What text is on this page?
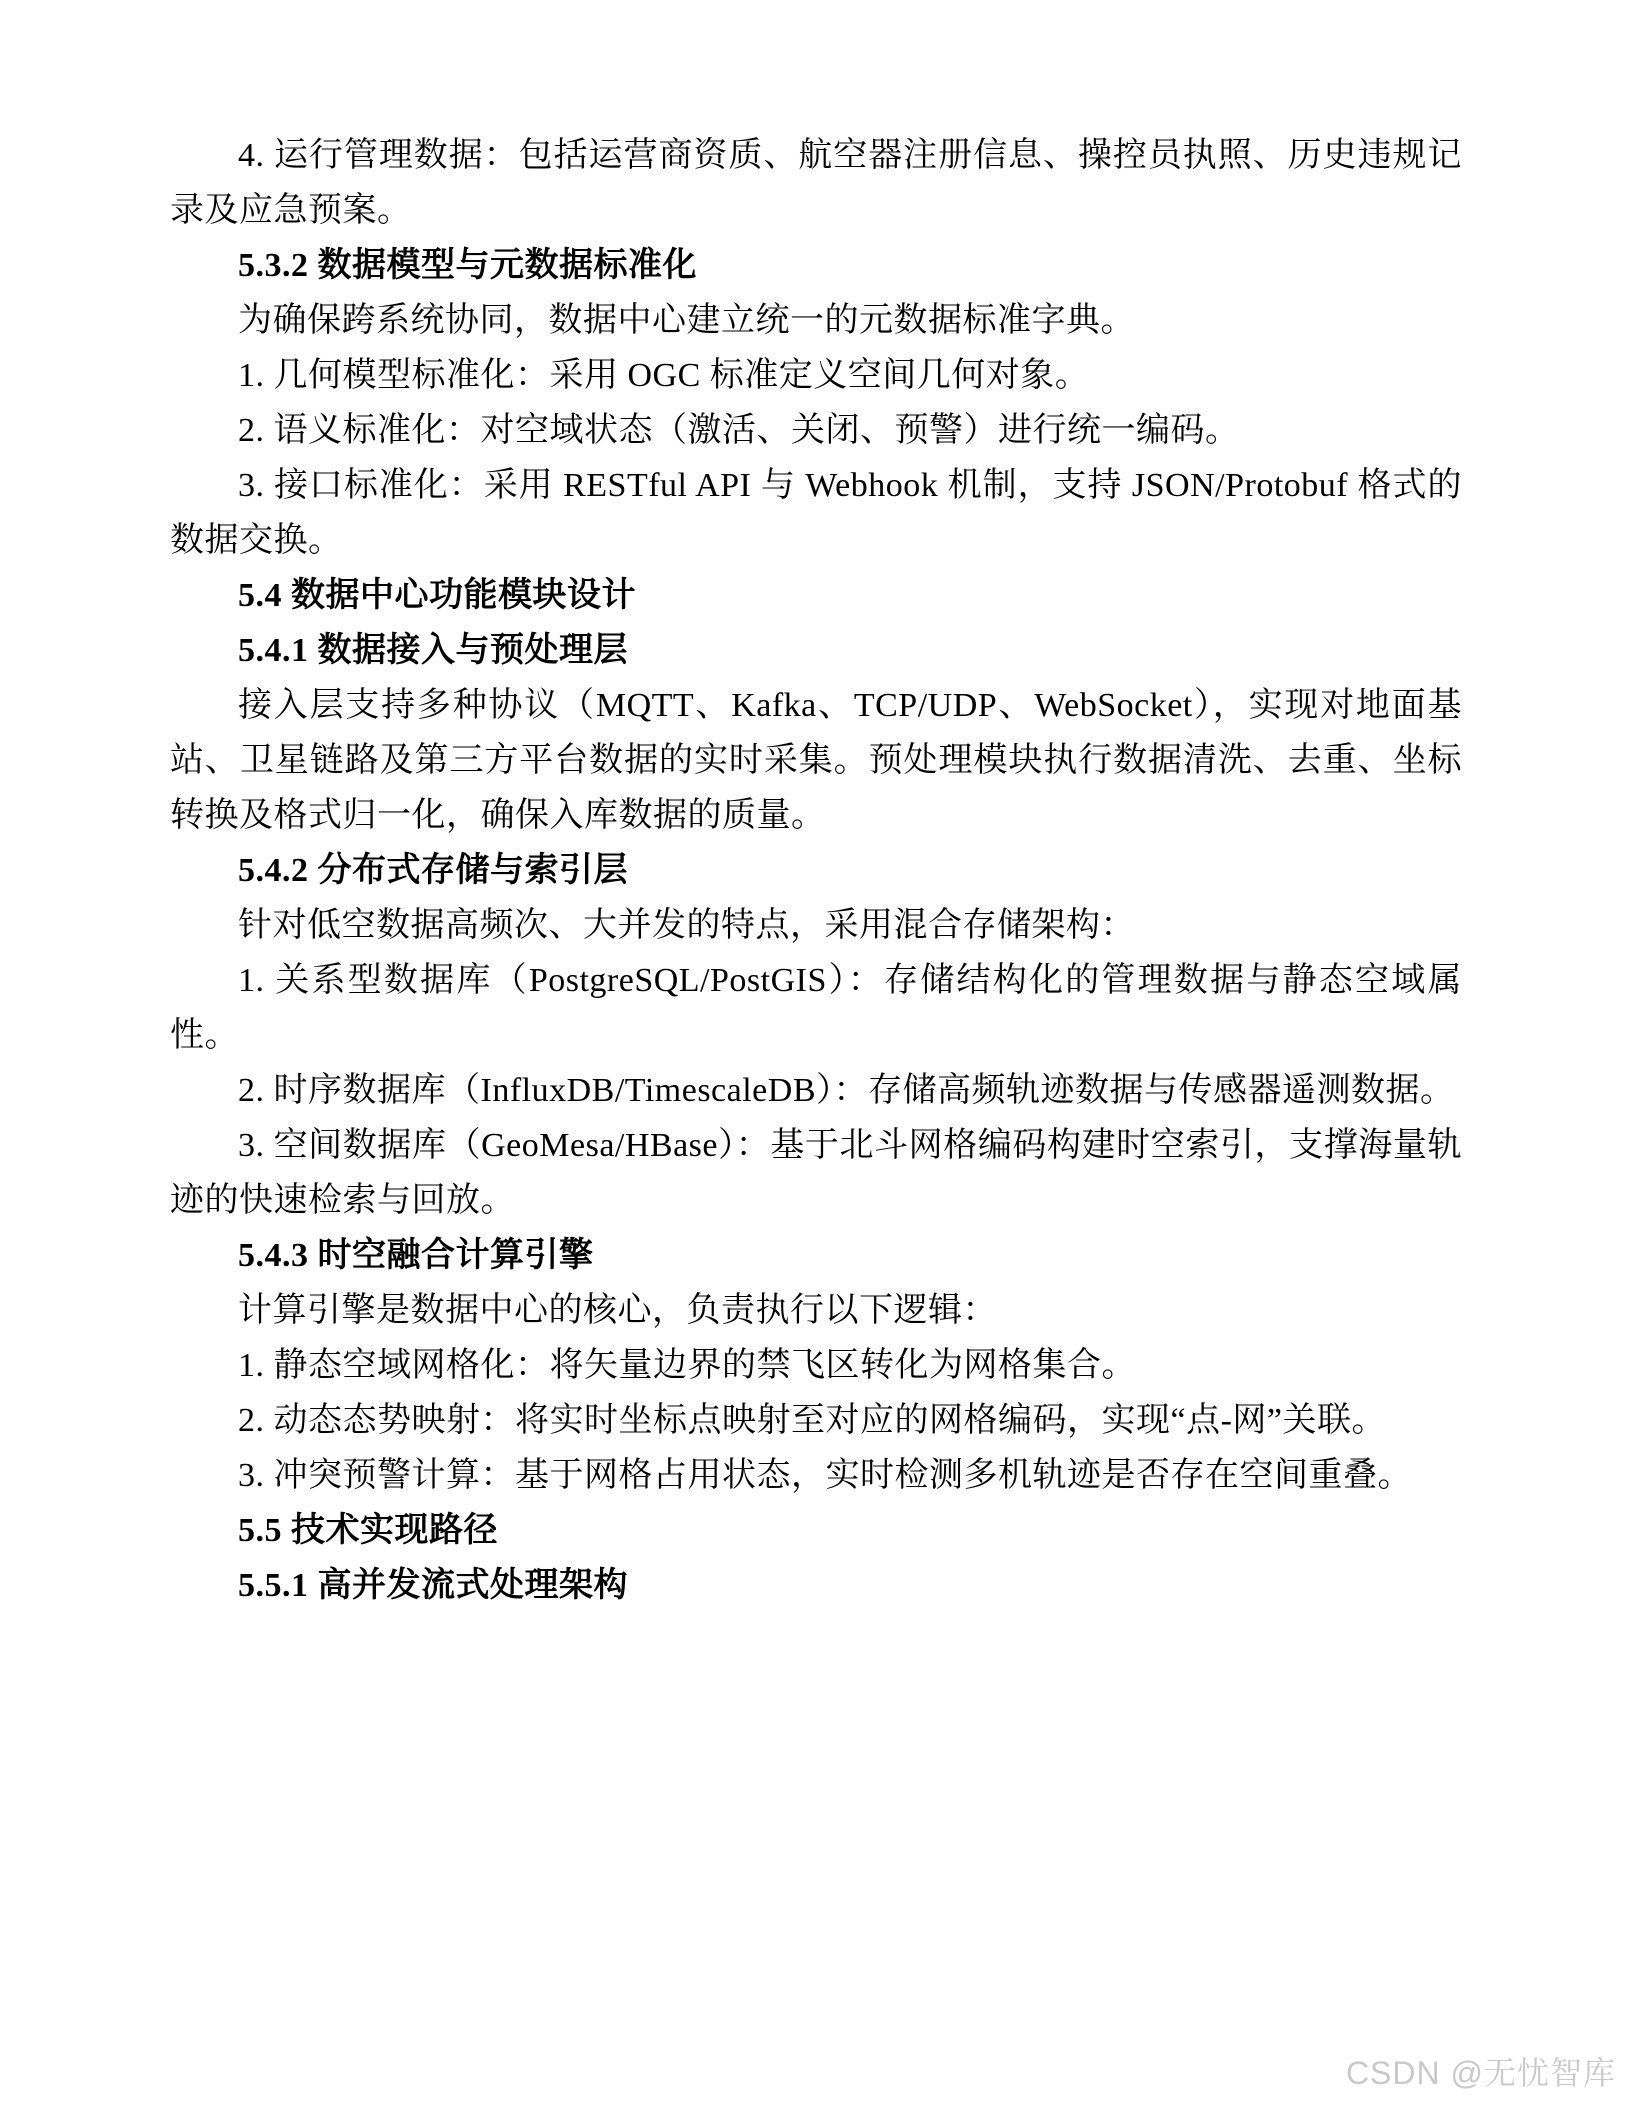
4. 运行管理数据：包括运营商资质、航空器注册信息、操控员执照、历史违规记录及应急预案。

5.3.2 数据模型与元数据标准化

为确保跨系统协同，数据中心建立统一的元数据标准字典。

1. 几何模型标准化：采用 OGC 标准定义空间几何对象。

2. 语义标准化：对空域状态（激活、关闭、预警）进行统一编码。

3. 接口标准化：采用 RESTful API 与 Webhook 机制，支持 JSON/Protobuf 格式的数据交换。

5.4 数据中心功能模块设计

5.4.1 数据接入与预处理层

接入层支持多种协议（MQTT、Kafka、TCP/UDP、WebSocket），实现对地面基站、卫星链路及第三方平台数据的实时采集。预处理模块执行数据清洗、去重、坐标转换及格式归一化，确保入库数据的质量。

5.4.2 分布式存储与索引层

针对低空数据高频次、大并发的特点，采用混合存储架构：

1. 关系型数据库（PostgreSQL/PostGIS）：存储结构化的管理数据与静态空域属性。

2. 时序数据库（InfluxDB/TimescaleDB）：存储高频轨迹数据与传感器遥测数据。

3. 空间数据库（GeoMesa/HBase）：基于北斗网格编码构建时空索引，支撑海量轨迹的快速检索与回放。

5.4.3 时空融合计算引擎

计算引擎是数据中心的核心，负责执行以下逻辑：

1. 静态空域网格化：将矢量边界的禁飞区转化为网格集合。

2. 动态态势映射：将实时坐标点映射至对应的网格编码，实现“点-网”关联。

3. 冲突预警计算：基于网格占用状态，实时检测多机轨迹是否存在空间重叠。

5.5 技术实现路径

5.5.1 高并发流式处理架构

CSDN @无忧智库
